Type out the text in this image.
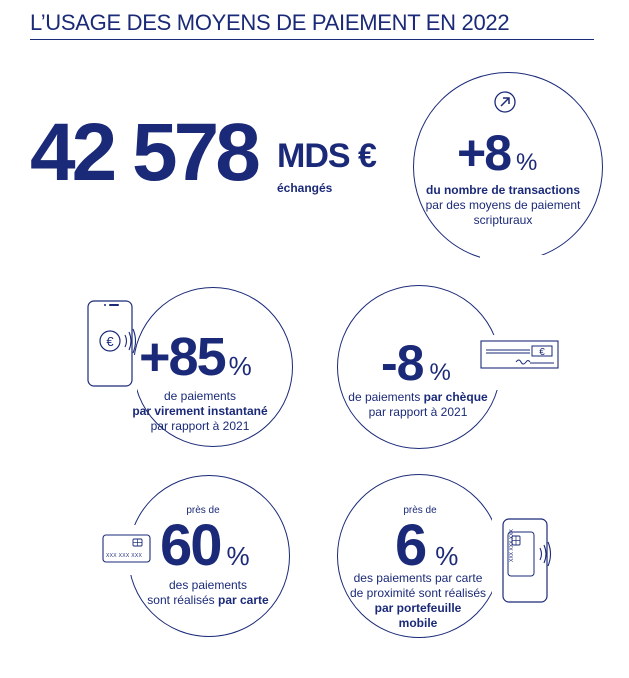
L’USAGE DES MOYENS DE PAIEMENT EN 2022
42 578 MDS €
échangés
+8 %
du nombre de transactions
par des moyens de paiement
scripturaux
€ +85 %
de paiements
par virement instantané
par rapport à 2021
€
-8 %
de paiements par chèque
par rapport à 2021
XXX XXX XXX
près de
60 %
des paiements
sont réalisés par carte
XXX XXX XXX
près de
6 %
des paiements par carte
de proximité sont réalisés
par portefeuille
mobile
